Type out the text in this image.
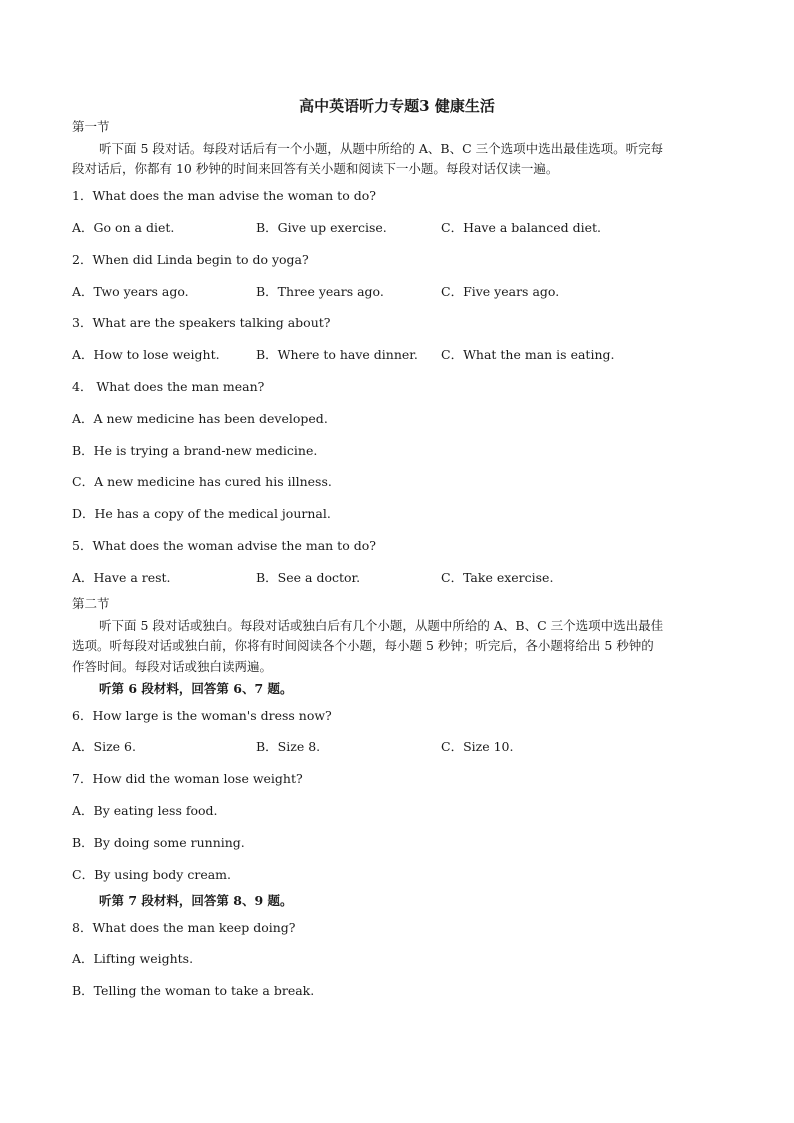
高中英语听力专题3 健康生活
第一节
听下面 5 段对话。每段对话后有一个小题，从题中所给的 A、B、C 三个选项中选出最佳选项。听完每
段对话后，你都有 10 秒钟的时间来回答有关小题和阅读下一小题。每段对话仅读一遍。
1．What does the man advise the woman to do?
A．Go on a diet.	B．Give up exercise.	C．Have a balanced diet.
2．When did Linda begin to do yoga?
A．Two years ago.	B．Three years ago.	C．Five years ago.
3．What are the speakers talking about?
A．How to lose weight.	B．Where to have dinner. C．What the man is eating.
4． What does the man mean?
A．A new medicine has been developed.
B．He is trying a brand-new medicine.
C．A new medicine has cured his illness.
D．He has a copy of the medical journal.
5．What does the woman advise the man to do?
A．Have a rest.	B．See a doctor.	C．Take exercise.
第二节
听下面 5 段对话或独白。每段对话或独白后有几个小题，从题中所给的 A、B、C 三个选项中选出最佳
选项。听每段对话或独白前，你将有时间阅读各个小题，每小题 5 秒钟；听完后，各小题将给出 5 秒钟的
作答时间。每段对话或独白读两遍。
听第 6 段材料，回答第 6、7 题。
6．How large is the woman's dress now?
A．Size 6.	B．Size 8.	C．Size 10.
7．How did the woman lose weight?
A．By eating less food.
B．By doing some running.
C．By using body cream.
听第 7 段材料，回答第 8、9 题。
8．What does the man keep doing?
A．Lifting weights.
B．Telling the woman to take a break.
